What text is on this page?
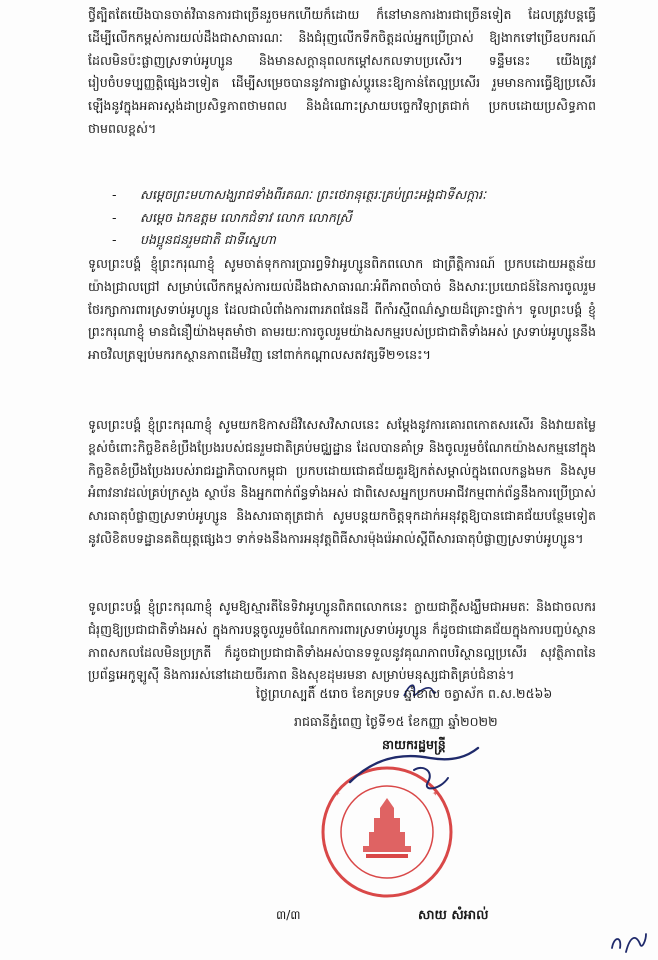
ថ្វីត្បិតតែយើងបានចាត់វិធានការជាច្រើនរួចមកហើយក៏ដោយ ក៏នៅមានការងារជាច្រើនទៀត ដែលត្រូវបន្តធ្វើ ដើម្បីលើកកម្ពស់ការយល់ដឹងជាសាធារណៈ និងជំរុញលើកទឹកចិត្តដល់អ្នកប្រើប្រាស់ ឱ្យងាកទៅប្រើឧបករណ៍ដែលមិនប៉ះផ្លាញស្រទាប់អូហ្សូន និងមានសក្តានុពលកម្តៅសកលទាបប្រសើរ។ ទន្ទឹមនេះ យើងត្រូវរៀបចំបទប្បញ្ញត្តិផ្សេងៗទៀត ដើម្បីសម្រេចបាននូវការផ្លាស់ប្តូរនេះឱ្យកាន់តែល្អប្រសើរ រួមមានការធ្វើឱ្យប្រសើរឡើងនូវក្នុងអគារស្តង់ដាប្រសិទ្ធភាពថាមពល និងដំណោះស្រាយបច្ចេកវិទ្យាត្រជាក់ ប្រកបដោយប្រសិទ្ធភាពថាមពលខ្ពស់។

- សម្តេចព្រះមហាសង្ឃរាជទាំងពីរគណៈ ព្រះថេរានុត្ថេរៈគ្រប់ព្រះអង្គជាទីសក្ការៈ
- សម្តេច ឯកឧត្តម លោកជំទាវ លោក លោកស្រី
- បងប្អូនជនរួមជាតិ ជាទីស្នេហា

ទូលព្រះបង្គំ ខ្ញុំព្រះករុណាខ្ញុំ សូមចាត់ទុកការប្រារព្ធទិវាអូហ្សូនពិភពលោក ជាព្រឹត្តិការណ៍ ប្រកបដោយអត្ថន័យយ៉ាងជ្រាលជ្រៅ សម្រាប់លើកកម្ពស់ការយល់ដឹងជាសាធារណៈអំពីភាពចាំបាច់ និងសារៈប្រយោជន៍នៃការចូលរួមថែរក្សាការពារស្រទាប់អូហ្សូន ដែលជាលំពាំងការពារភពផែនដី ពីកាំរស្មីពណ៌ស្វាយដ៏គ្រោះថ្នាក់។ ទូលព្រះបង្គំ ខ្ញុំព្រះករុណាខ្ញុំ មានជំនឿយ៉ាងមុតមាំថា តាមរយៈការចូលរួមយ៉ាងសកម្មរបស់ប្រជាជាតិទាំងអស់ ស្រទាប់អូហ្សូននឹងអាចវិលត្រឡប់មករកស្ថានភាពដើមវិញ នៅពាក់កណ្តាលសតវត្សទី២១នេះ។

ទូលព្រះបង្គំ ខ្ញុំព្រះករុណាខ្ញុំ សូមយកឱកាសដ៏វិសេសវិសាលនេះ សម្តែងនូវការគោរពកោតសរសើរ និងវាយតម្លៃខ្ពស់ចំពោះកិច្ចខិតខំប្រឹងប្រែងរបស់ជនរួមជាតិគ្រប់មជ្ឈដ្ឋាន ដែលបានគាំទ្រ និងចូលរួមចំណែកយ៉ាងសកម្មនៅក្នុងកិច្ចខិតខំប្រឹងប្រែងរបស់រាជរដ្ឋាភិបាលកម្ពុជា ប្រកបដោយជោគជ័យគួរឱ្យកត់សម្គាល់ក្នុងពេលកន្លងមក និងសូមអំពាវនាវដល់គ្រប់ក្រសួង ស្ថាប័ន និងអ្នកពាក់ព័ន្ធទាំងអស់ ជាពិសេសអ្នកប្រកបអាជីវកម្មពាក់ព័ន្ធនឹងការប្រើប្រាស់សារធាតុបំផ្លាញស្រទាប់អូហ្សូន និងសារធាតុត្រជាក់ សូមបន្តយកចិត្តទុកដាក់អនុវត្តឱ្យបានជោគជ័យបន្ថែមទៀត នូវលិខិតបទដ្ឋានគតិយុត្តផ្សេងៗ ទាក់ទងនឹងការអនុវត្តពិធីសារម៉ុងរ៉េអាល់ស្តីពីសារធាតុបំផ្លាញស្រទាប់អូហ្សូន។

ទូលព្រះបង្គំ ខ្ញុំព្រះករុណាខ្ញុំ សូមឱ្យស្មារតីនៃទិវាអូហ្សូនពិភពលោកនេះ ក្លាយជាក្តីសង្ឃឹមជាអមតៈ និងជាចលករជំរុញឱ្យប្រជាជាតិទាំងអស់ ក្នុងការបន្តចូលរួមចំណែកការពារស្រទាប់អូហ្សូន ក៏ដូចជាជោគជ័យក្នុងការបញ្ចប់ស្ថានភាពសកលដែលមិនប្រក្រតី ក៏ដូចជាប្រជាជាតិទាំងអស់បានទទួលនូវគុណភាពបរិស្ថានល្អប្រសើរ សុវត្ថិភាពនៃប្រព័ន្ធអេកូឡូស៊ី និងការរស់នៅដោយចីរភាព និងសុខដុមរមនា សម្រាប់មនុស្សជាតិគ្រប់ជំនាន់។

ថ្ងៃព្រហស្បតិ៍ ៥រោច ខែភទ្របទ ឆ្នាំខាល ចត្វាស័ក ព.ស.២៥៦៦
រាជធានីភ្នំពេញ ថ្ងៃទី១៥ ខែកញ្ញា ឆ្នាំ២០២២
នាយករដ្ឋមន្ត្រី
✦	✦
៣/៣	សាយ សំអាល់
